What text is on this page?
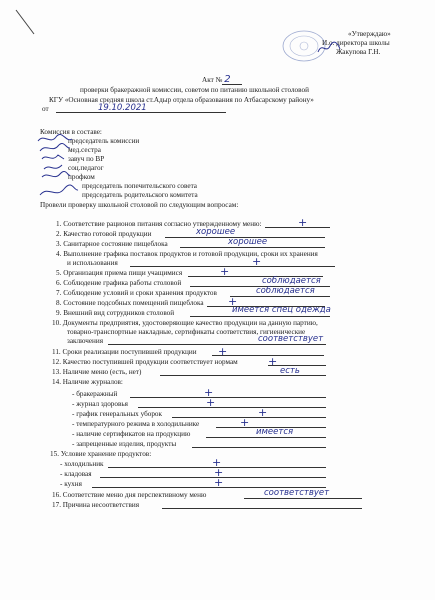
«Утверждаю»
И.о. директора школы
Жакупова Г.Н.
Акт № 2
проверки бракеражной комиссии, советом по питанию школьной столовой
КГУ «Основная средняя школа ст.Адыр отдела образования по Атбасарскому району»
от	19.10.2021
Комиссия в составе:
председатель комиссии
мед.сестра
завуч по ВР
соц.педагог
профком
председатель попечительского совета
председатель родительского комитета
Провели проверку школьной столовой по следующим вопросам:
1. Соответствие рационов питания согласно утвержденному меню:	+
2. Качество готовой продукции	хорошее
3. Санитарное состояние пищеблока	хорошее
4. Выполнение графика поставок продуктов и готовой продукции, сроки их хранения
и использования	+
5. Организация приема пищи учащимися	+
6. Соблюдение графика работы столовой	соблюдается
7. Соблюдение условий и сроки хранения продуктов	соблюдается
8. Состояние подсобных помещений пищеблока +
9. Внешний вид сотрудников столовой	имеется спец одежда
10. Документы предприятия, удостоверяющие качество продукции на данную партию,
товарно-транспортные накладные, сертификаты соответствия, гигиенические
заключения	соответствует
11. Сроки реализации поступившей продукции +
12. Качество поступившей продукции соответствует нормам	+
13. Наличие меню (есть, нет)	есть
14. Наличие журналов:
- бракеражный	+
- журнал здоровья	+
- график генеральных уборок	+
- температурного режима в холодильнике	+
- наличие сертификатов на продукцию	имеется
- запрещенные изделия, продукты
15. Условие хранение продуктов:
- холодильник	+
- кладовая	+
- кухня	+
16. Соответствие меню дня перспективному меню	соответствует
17. Причина несоответствия
